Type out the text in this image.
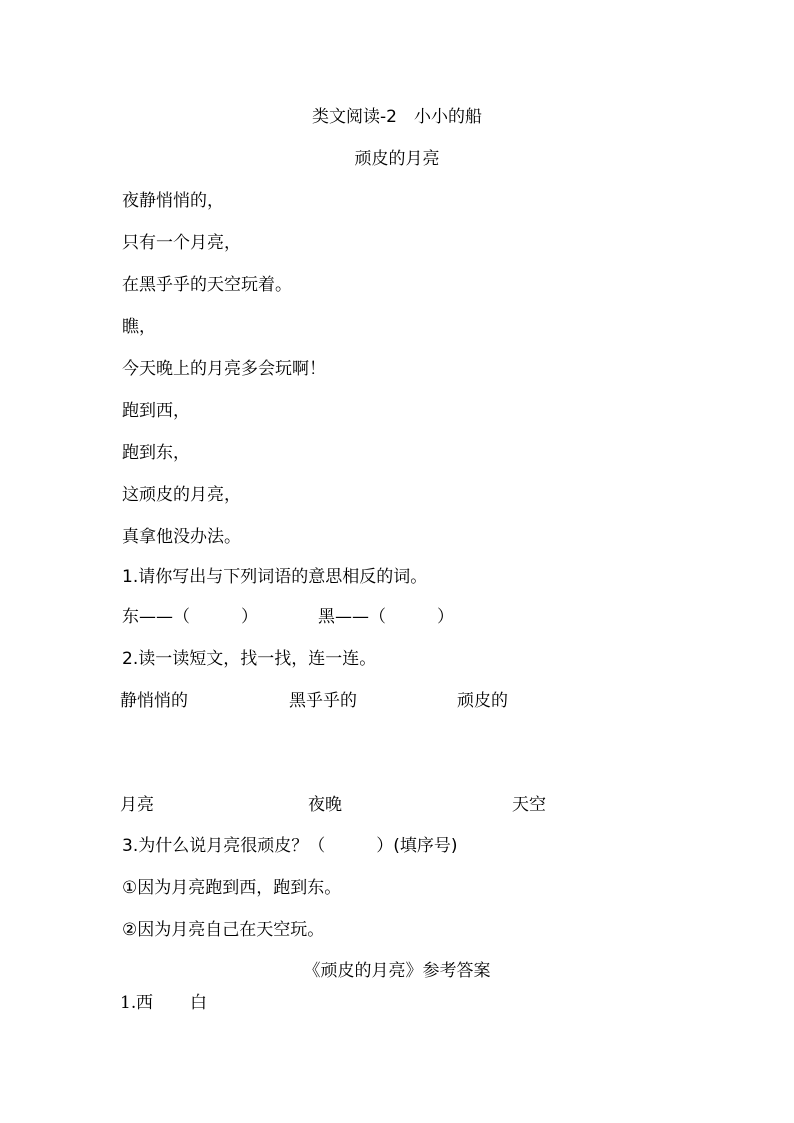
类文阅读-2　小小的船
顽皮的月亮
夜静悄悄的，
只有一个月亮，
在黑乎乎的天空玩着。
瞧，
今天晚上的月亮多会玩啊！
跑到西，
跑到东，
这顽皮的月亮，
真拿他没办法。
1.请你写出与下列词语的意思相反的词。
东——（　　　）	黑——（　　　）
2.读一读短文，找一找，连一连。
静悄悄的	黑乎乎的	顽皮的
月亮	夜晚	天空
3.为什么说月亮很顽皮？（　　　）(填序号)
①因为月亮跑到西，跑到东。
②因为月亮自己在天空玩。
《顽皮的月亮》参考答案
1. 西 白
